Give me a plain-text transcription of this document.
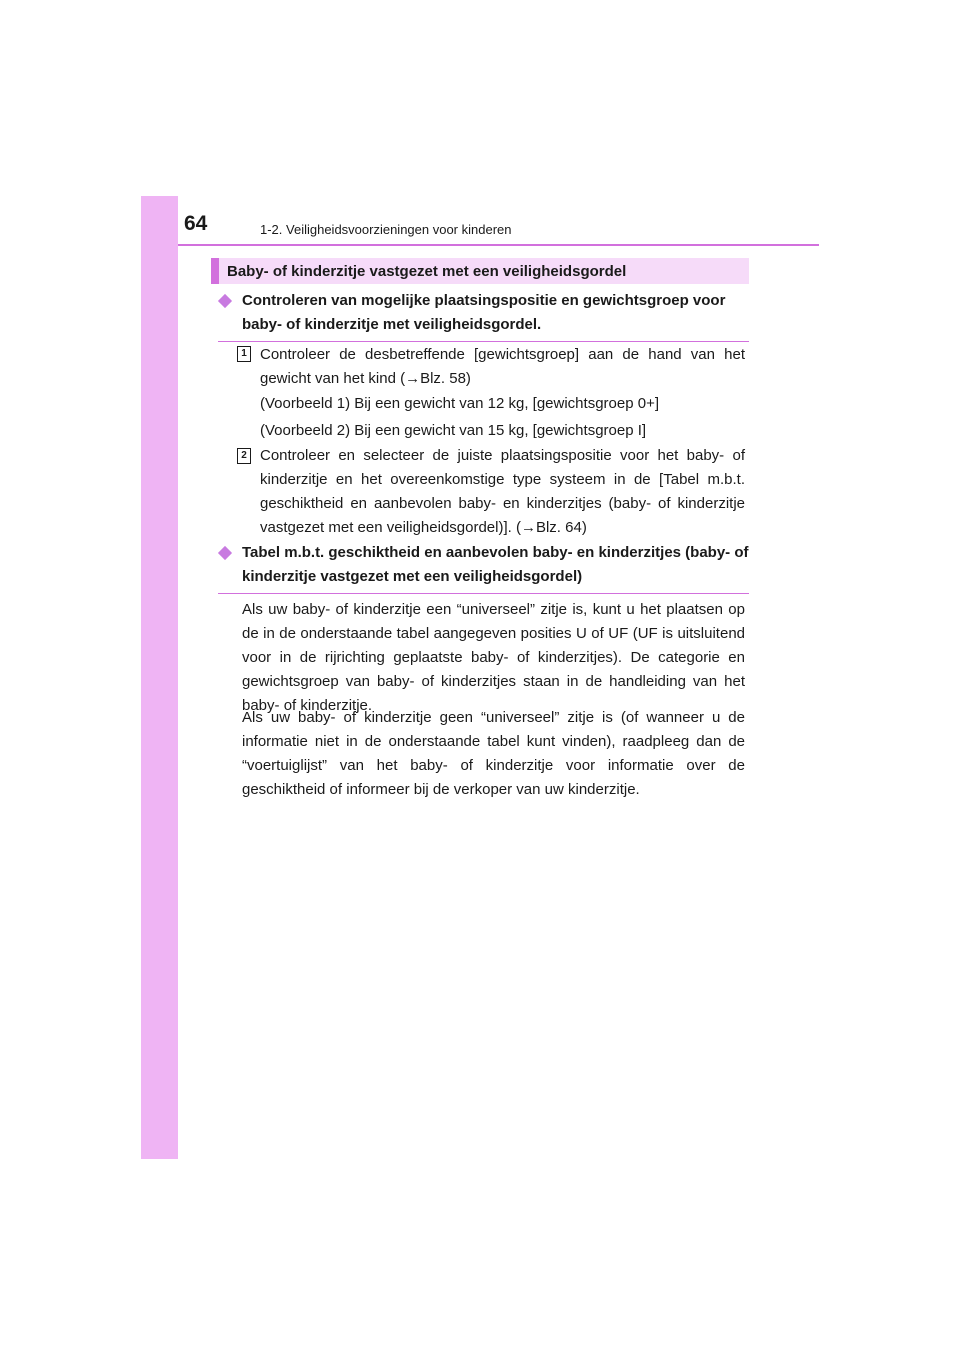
64	1-2. Veiligheidsvoorzieningen voor kinderen
Baby- of kinderzitje vastgezet met een veiligheidsgordel
Controleren van mogelijke plaatsingspositie en gewichtsgroep voor baby- of kinderzitje met veiligheidsgordel.
1 Controleer de desbetreffende [gewichtsgroep] aan de hand van het gewicht van het kind (→Blz. 58)
(Voorbeeld 1) Bij een gewicht van 12 kg, [gewichtsgroep 0+]
(Voorbeeld 2) Bij een gewicht van 15 kg, [gewichtsgroep I]
2 Controleer en selecteer de juiste plaatsingspositie voor het baby- of kinderzitje en het overeenkomstige type systeem in de [Tabel m.b.t. geschiktheid en aanbevolen baby- en kinderzitjes (baby- of kinderzitje vastgezet met een veiligheidsgordel)]. (→Blz. 64)
Tabel m.b.t. geschiktheid en aanbevolen baby- en kinderzitjes (baby- of kinderzitje vastgezet met een veiligheidsgordel)
Als uw baby- of kinderzitje een “universeel” zitje is, kunt u het plaatsen op de in de onderstaande tabel aangegeven posities U of UF (UF is uitsluitend voor in de rijrichting geplaatste baby- of kinderzitjes). De categorie en gewichtsgroep van baby- of kinderzitjes staan in de handleiding van het baby- of kinderzitje.
Als uw baby- of kinderzitje geen “universeel” zitje is (of wanneer u de informatie niet in de onderstaande tabel kunt vinden), raadpleeg dan de “voertuiglijst” van het baby- of kinderzitje voor informatie over de geschiktheid of informeer bij de verkoper van uw kinderzitje.
